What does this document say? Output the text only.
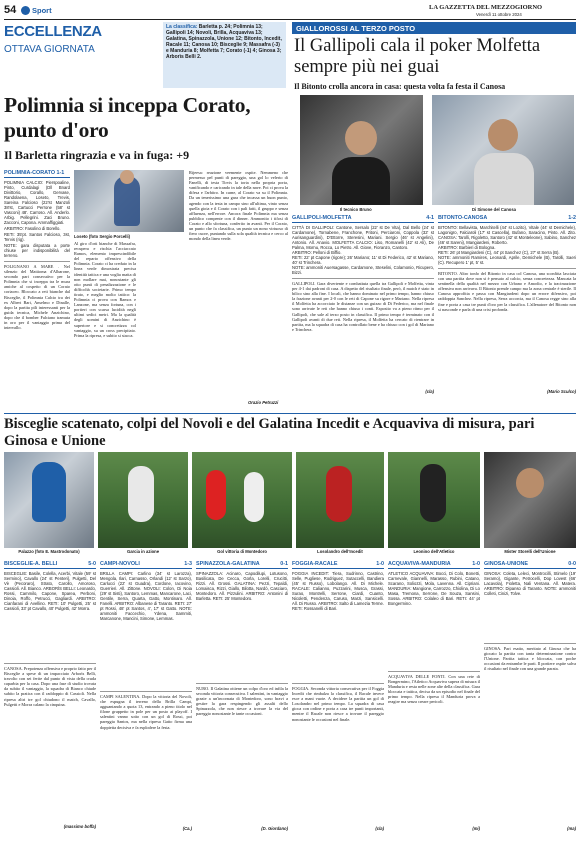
54 Sport	LA GAZZETTA DEL MEZZOGIORNO
Venerdì 11 ottobre 2024
ECCELLENZA
OTTAVA GIORNATA
La classifica: Barletta p. 24; Polimnia 13; Gallipoli 14; Novoli, Brilla, Acquaviva 13; Galatina, Spinazzola, Unione 12; Bitonto, Incedit, Racale 11; Canosa 10; Bisceglie 9; Massafra (-3) e Manduria 8; Molfetta 7; Corato (-1) 4; Ginosa 3; Arborìs Belli 2.
Polimnia si inceppa Corato, punto d'oro
Il Barletta ringrazia e va in fuga: +9
POLIMNIA-CORATO 1-1
POLIMNIA CALCIO: Pierspoaline, Pinto, Curdalagi (Dll Bnard Divittorio, Corallo, Gervase, Randolaena, Loseto, Trevis, Sareina Falcioso (22'st Manzoli 38'st, Cartucci Perrone (58' st Vasconi) 48'. Carroso. All. Anderlo. Arbig. Pellegrini. Zaci Bruno. Zacconi, Capona. Ammaffiggiati.
ARBITRO: Fasolino di Borello.
RETI: 35'pt. Santos Falcioso, 3st, Tervis (rig).
NOTE: gara disputata a porte chiuse per indisponibilità del terreno.
POLIGNANO A MARE . Nel silenzio del Mattioma d'Albarone, secondo pari consecutivo per la Polimnia che si inceppa tra le mura amiche al cospetto di un Corato coriaceo. Bloccato a reti bianche dal Bisceglie, il Polimnia Calcio tra dei ex Albert Bari, Anselmo e Dinalle, dopo la partita pili interessanti per la guida tecnica, Michele Anzichino, dopo che il bomber Falciano tramuta in oro per il vantaggio prima del intervallo.
Loseto (foto Sergio Porcelli)
Al giro d'orti bianche di Massafra, recupera e rischia l'acciaccato Ramos, elemento imprescindibile del reparto offensivo della Polimnia. Corato ci ha creduto in la linea verde dimostrata precisa identità tattica e una voglia matta di non mollare mai, nonostante gli otto punti di penalizzazione e le difficoltà societarie. Primo tempo tirato, e meglio molto tattico: la Polimnia ci prova con Ramos e Lanzone, ma senza fortuna, con i portieri con scarsa lucidità negli ultimi sedici metri. Ma la qualità degli uomini di Anzichino è superiore e si concretizza col vantaggio, su un cross precipitato. Prima la ripresa, e subito si stacca.
Rijeesa: reazione veemente ospite. Nemmeno che permesso pel punti di pareggio, una gol lo velerio di Fanelli, di testa Tirvis la torta nella propria porta, vanificando e caricando in tale della nave. Poi ci prova la difesa e l'arbitro. In carne, al Corato va su il Polimnia. Da un tenerissimo una gara che incassa un buon punto, agendo con la testa in campo sino all'ultima, vinto senza quella gioia e il Corato con i pali fatti, il gruppo e senza affluenza, nell'errore. Ancora finale Polimnia ma senza pubblico compente con il dinner. Ammonito i tifosi di Corato e allo sfortuna, conferito in avanti. Per il Corato, un punto che fa classifica, un punto un nono virtuoso di fiero cuore, puntando sulla sola qualità tecnica e cerco al mondo della linea verde.
Orazio Petruzzi
GIALLOROSSI AL TERZO POSTO
Il Gallipoli cala il poker Molfetta sempre più nei guai
Il Bitonto crolla ancora in casa: questa volta fa festa il Canosa
Il tecnico Bruno	Di Simone del Canosa
GALLIPOLI-MOLFETTA	4-1
CITTÀ DI GALLIPOLI: Cantone, Sersalo (22' st De Vita), Dal Bello (24' st Cardamone), Tornabene, Franchone, Pritoni, Perciaroni, Coppola (32' st Aurisanguardini), D'Ettorre, Steresini, Mariani. Sergio (46' st Angelini), Antonio. All. Anavio. MOLFETTA CALCIO: Liso, Romanelli (42' st Ali), De Palma, Mornu, Rocca, Lo Pietro. All. Giove, Fioranzo, Cantoro.
ARBITRO: Pelloni di Biffio.
RETI: 22' pt Capone (rigore); 26' Mariano; 11' st Di Federico, 42' st Mariano, 40' st Trinchera.
NOTE: ammoniti Auersagasse, Cardamone, Steselini, Colamonio, Ricupero, Bizzi.
GALLIPOLI. Gara divertente e combattuta quella tra Gallipoli e Molfetta, vinta per 4-1 dai padroni di casa. A dispetto del risultato finale, però, il match è stato in bilico sino alla fine. I locali, che hanno dominato nel primo tempo, hanno chiuso la frazione avanti per 2-0 con le reti di Capone su rigore e Mariano. Nella ripresa il Molfetta ha accorciato le distanze con un guizzo di Di Federico, ma nel finale sono arrivate le reti che hanno chiuso i conti. Esposito va a pieno ritmo per il Gallipoli, che sale al terzo posto in classifica. Il primo tempo è terminato con il Gallipoli avanti di due reti. Nella ripresa, il Molfetta ha cercato di rientrare in partita, ma la squadra di casa ha controllato bene e ha chiuso con i gol di Mariano e Trinchera.
(cla)
BITONTO-CANOSA	1-2
BITONTO: Bellavista, Marchitelli (44' st Lozito), Vitale (44' st Demichele), Lagonigro, Falciaroli (17' st Cascella), Bufano, Saracino, Pinto. All. Zito. CANOSA: Tarolli, Rigoletto, Santoro (42' st Monteleone), Sabino, Sanchez (46' st Sareni), Mangiardeni, Roberto.
ARBITRO: Barbieri di Bologna.
RETI: 26' pt Mangiardeni (C), 44' pt Sanchez (C), 27' st Serra (B).
NOTE: ammoniti Ramires, Leonardi, Aprile, Demichele (B), Tarolli, Saeri (C). Recupero 1' pt, 5' st.
BITONTO. Altro tonfo del Bitonto in casa col Canosa, una sconfitta lasciata con una partita dove non si è pensato al calcio, senza concretezza. Mancata la sentinella della qualità nel mezzo con Urbano e Amodio, e la tracimazione offensiva non arrivava. Il Bitonto prende campo ma la zona centrale è sterile. Il Canosa approfitta e passa con Mangiardeni dopo un errore difensivo, poi raddoppia Sanchez. Nella ripresa, Serra accorcia, ma il Canosa regge sino alla fine e porta a casa tre punti d'oro per la classifica. L'allenatore del Bitonto non si nasconde e parla di una crisi profonda.
(Mario Sculco)
Bisceglie scatenato, colpi del Novoli e del Galatina Incedit e Acquaviva di misura, pari Ginosa e Unione
Palazzo (foto E. Mastrodonato)	Garcia in azione	Gol vittoria di Montedoro	Losolandro dell'Incedit	Leonino dell'Atletico	Mister Storelli dell'Unione
BISCEGLIE-A. BELLI	5-0
BISCEGLIE: Basile, Colella, Acerbi, Vitale (59' st Sermino), Cavallo (24' st Penteri), Pulgetti, Del Vè (Pecoraro), Strato, Carollo, Amoroso, Cassioli. All. Bianco. ARBORÌS BELLI: Leonardo, Rossi, Cammilo, Capone, Sparea, Perboni, Dinoia, Roffo, Petrucci, Gagliardi. ARBITRO: Cianfarani di Avellino. RETI: 10' Pulgetti, 25' st Cassioli, 33' pt Cavallo, 40' Pulgetti, 42' Morra.
CANOSA. Prepotenza offensiva e proprio fatto per il Bisceglie a spese di un impacciato Arborìs Belli, travolto con sei ferite dal punto di vista della cruda caparbia per la casa. Dopo una fase di studio trovata da subito il vantaggio, la squadra di Bianco chiude subito la pratica con il raddoppio di Cassioli. Nella ripresa altri tre gol chiudono il match, Cavallo, Pulgetti e Morra calano la cinquina.
(massimo boffa)
CAMPI-NOVOLI	1-3
BRILLA CAMPI: Carlino (34' st Larozza), Mengola, Ilari, Carnasso, Orlandi (12' st Sarzo), Carlucci (22' st Guadra), Cordone, Iacovino, Guerrieri. All. Zittone. NOVOLI: Colon, Di Noia (29' st Sisti), Santoro, Lemmas, Mancarone, Laci, Gentile, Serra, Quarta, Gatto, Montinaro. All. Fanelli. ARBITRO: Albanese di Taranto. RETI: 27' pt Rossi, 48' pt Santos, 4', 17' st Gatto. NOTE: ammoniti Faccechio, Ydena, Sammiti, Marcanone, Mancini, Simone, Lemmas.
CAMPI SALENTINA. Dopo la vittoria del Novoli, che espugna il terreno della Brilla Campi, agguantando a quota 13, entrando a pieno titolo nel filone gruppetto in pole per un posto ai playoff. I salentini vanno sotto con un gol di Rossi, poi pareggia Santos, ma nella ripresa Gatto firma una doppietta decisiva e fa esplodere la festa.
(Ca.)
SPINAZZOLA-GALATINA	0-1
SPINAZZOLA: Acinaro, Capodilupi, Lotusono, Basilicata, De Cecca, Gorla, Lorelli, Crucitti, Rizzi. All. Grossi. GALATINA: Pezzi, Tepaldi, Lomaisca, Rizzi, Giallo, Bilotta, Nardò, Casciaro, Montedoro. All. Pizzulini. ARBITRO: Antonini di Barletta. RETI: 25' Montedoro.
NURO. Il Galatina ottiene un colpo d'oro ed infila la seconda vittoria consecutiva. I salentini, in vantaggio grazie a un'incornata di Montedoro, sono bravi a gestire la gara respingendo gli assalti dello Spinazzola, che non riesce a trovare la via del pareggio nonostante le tante occasioni.
(D. Giordano)
FOGGIA-RACALE	1-0
FOGGIA INCEDIT: Tiera, Sudrinno, Castrino, Selle, Pugliese, Rodriguez, Sutaccelli, Bandiera (45' st Russo), Lobolango. All. Di Michele. RACALE: Calianno, Puzzarini, Musca, Grassi, Surao, Montrelli, Serrone, Ciardi, Cuanto, Nicoletti, Pendenza, Caruso, Marzi, Sansicelli. All. Di Russo. ARBITRO: Salto di Lamezia Terme. RETI: Rossanelli di Bari.
FOGGIA. Seconda vittoria consecutiva per il Foggia Incedit che rimbalza la classifica, il Racale invece esce a mani vuote. A decidere la partita un gol di Losolandro nel primo tempo. La squadra di casa gioca con ordine e porta a casa tre punti importanti, mentre il Racale non riesce a trovare il pareggio nonostante le occasioni nel finale.
(cla)
ACQUAVIVA-MANDURIA	1-0
ATLETICO ACQUAVIVA: Bocci, Di Colo, Bonetti, Carnevale, Giannelli, Marasso, Rubini, Catano, Scarano, Soliozzi, Mola, Lavenna. All. Cipriani. MANDURIA: Mangione, Carrozzo, Chiolina, Di Lo Masa, Tremona, Serrone, De Souza, Sansini, Sossa. ARBITRO: Colaleo di Bari. RETI: 44' pt Bongermino.
ACQUAVIVA DELLE FONTI. Con una rete di Bongermino, l'Atletico Acquaviva supera di misura il Manduria e resta nelle zone alte della classifica. Gara bloccata e tattica, decisa da un episodio nel finale del primo tempo. Nella ripresa il Manduria prova a reagire ma senza creare pericoli.
(mi)
GINOSA-UNIONE	0-0
GINOSA: Coleta, Leleci, Montrocilli, Stimelo (19' Seramo), Gigante, Petrocelli, Dop Lovest (66' Lacavola), Fioletta, Nali Ventana. All. Matera. ARBITRO: Dipanso di Taranto. NOTE: ammoniti Colleti, Cinizi, Tolve.
GINOSA. Pari esatto, meritato al Ginosa che ha giocato la partita con tanta determinazione contro l'Unione. Partita tattica e bloccata, con poche occasioni da entrambe le parti. Il portiere ospite salva il risultato nel finale con una grande parata.
(ma)
